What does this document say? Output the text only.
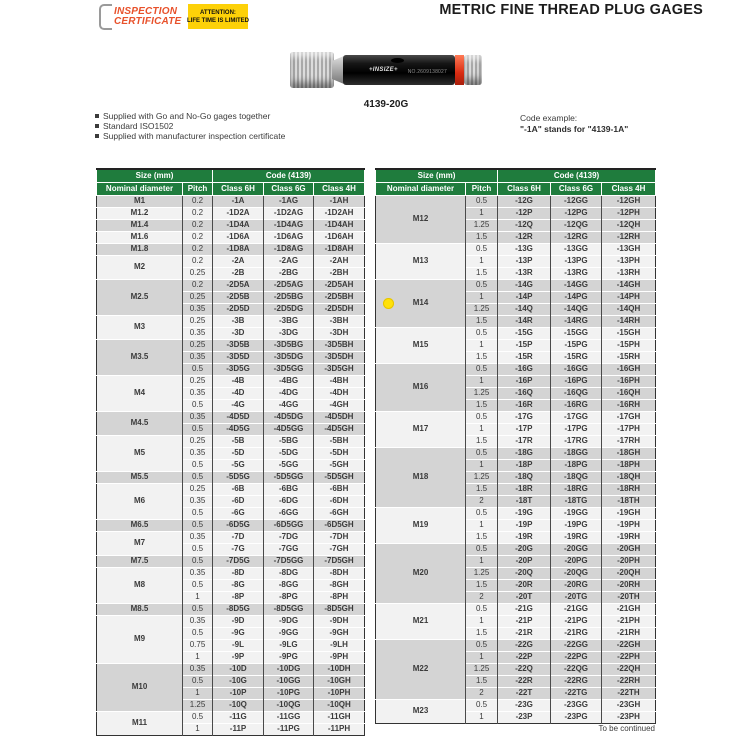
INSPECTION
CERTIFICATE
ATTENTION:
LIFE TIME IS LIMITED
METRIC FINE THREAD PLUG GAGES
+INSIZE+ NO.2609138027
4139-20G
Supplied with Go and No-Go gages together
Standard ISO1502
Supplied with manufacturer inspection certificate
Code example:
"-1A" stands for "4139-1A"
Size (mm)		Code (4139)		
Nominal diameter	Pitch	Class 6H	Class 6G	Class 4H
M1	0.2	-1A	-1AG	-1AH
M1.2	0.2	-1D2A	-1D2AG	-1D2AH
M1.4	0.2	-1D4A	-1D4AG	-1D4AH
M1.6	0.2	-1D6A	-1D6AG	-1D6AH
M1.8	0.2	-1D8A	-1D8AG	-1D8AH
M2	0.2	-2A	-2AG	-2AH
	0.25	-2B	-2BG	-2BH
M2.5	0.2	-2D5A	-2D5AG	-2D5AH
	0.25	-2D5B	-2D5BG	-2D5BH
	0.35	-2D5D	-2D5DG	-2D5DH
M3	0.25	-3B	-3BG	-3BH
	0.35	-3D	-3DG	-3DH
M3.5	0.25	-3D5B	-3D5BG	-3D5BH
	0.35	-3D5D	-3D5DG	-3D5DH
	0.5	-3D5G	-3D5GG	-3D5GH
M4	0.25	-4B	-4BG	-4BH
	0.35	-4D	-4DG	-4DH
	0.5	-4G	-4GG	-4GH
M4.5	0.35	-4D5D	-4D5DG	-4D5DH
	0.5	-4D5G	-4D5GG	-4D5GH
M5	0.25	-5B	-5BG	-5BH
	0.35	-5D	-5DG	-5DH
	0.5	-5G	-5GG	-5GH
M5.5	0.5	-5D5G	-5D5GG	-5D5GH
M6	0.25	-6B	-6BG	-6BH
	0.35	-6D	-6DG	-6DH
	0.5	-6G	-6GG	-6GH
M6.5	0.5	-6D5G	-6D5GG	-6D5GH
M7	0.35	-7D	-7DG	-7DH
	0.5	-7G	-7GG	-7GH
M7.5	0.5	-7D5G	-7D5GG	-7D5GH
M8	0.35	-8D	-8DG	-8DH
	0.5	-8G	-8GG	-8GH
	1	-8P	-8PG	-8PH
M8.5	0.5	-8D5G	-8D5GG	-8D5GH
M9	0.35	-9D	-9DG	-9DH
	0.5	-9G	-9GG	-9GH
	0.75	-9L	-9LG	-9LH
	1	-9P	-9PG	-9PH
M10	0.35	-10D	-10DG	-10DH
	0.5	-10G	-10GG	-10GH
	1	-10P	-10PG	-10PH
	1.25	-10Q	-10QG	-10QH
M11	0.5	-11G	-11GG	-11GH
	1	-11P	-11PG	-11PH
Size (mm)		Code (4139)		
Nominal diameter	Pitch	Class 6H	Class 6G	Class 4H
M12	0.5	-12G	-12GG	-12GH
	1	-12P	-12PG	-12PH
	1.25	-12Q	-12QG	-12QH
	1.5	-12R	-12RG	-12RH
M13	0.5	-13G	-13GG	-13GH
	1	-13P	-13PG	-13PH
	1.5	-13R	-13RG	-13RH

M14	0.5	-14G	-14GG	-14GH
	1	-14P	-14PG	-14PH
	1.25	-14Q	-14QG	-14QH
	1.5	-14R	-14RG	-14RH
M15	0.5	-15G	-15GG	-15GH
	1	-15P	-15PG	-15PH
	1.5	-15R	-15RG	-15RH
M16	0.5	-16G	-16GG	-16GH
	1	-16P	-16PG	-16PH
	1.25	-16Q	-16QG	-16QH
	1.5	-16R	-16RG	-16RH
M17	0.5	-17G	-17GG	-17GH
	1	-17P	-17PG	-17PH
	1.5	-17R	-17RG	-17RH
M18	0.5	-18G	-18GG	-18GH
	1	-18P	-18PG	-18PH
	1.25	-18Q	-18QG	-18QH
	1.5	-18R	-18RG	-18RH
	2	-18T	-18TG	-18TH
M19	0.5	-19G	-19GG	-19GH
	1	-19P	-19PG	-19PH
	1.5	-19R	-19RG	-19RH
M20	0.5	-20G	-20GG	-20GH
	1	-20P	-20PG	-20PH
	1.25	-20Q	-20QG	-20QH
	1.5	-20R	-20RG	-20RH
	2	-20T	-20TG	-20TH
M21	0.5	-21G	-21GG	-21GH
	1	-21P	-21PG	-21PH
	1.5	-21R	-21RG	-21RH
M22	0.5	-22G	-22GG	-22GH
	1	-22P	-22PG	-22PH
	1.25	-22Q	-22QG	-22QH
	1.5	-22R	-22RG	-22RH
	2	-22T	-22TG	-22TH
M23	0.5	-23G	-23GG	-23GH
	1	-23P	-23PG	-23PH
To be continued
